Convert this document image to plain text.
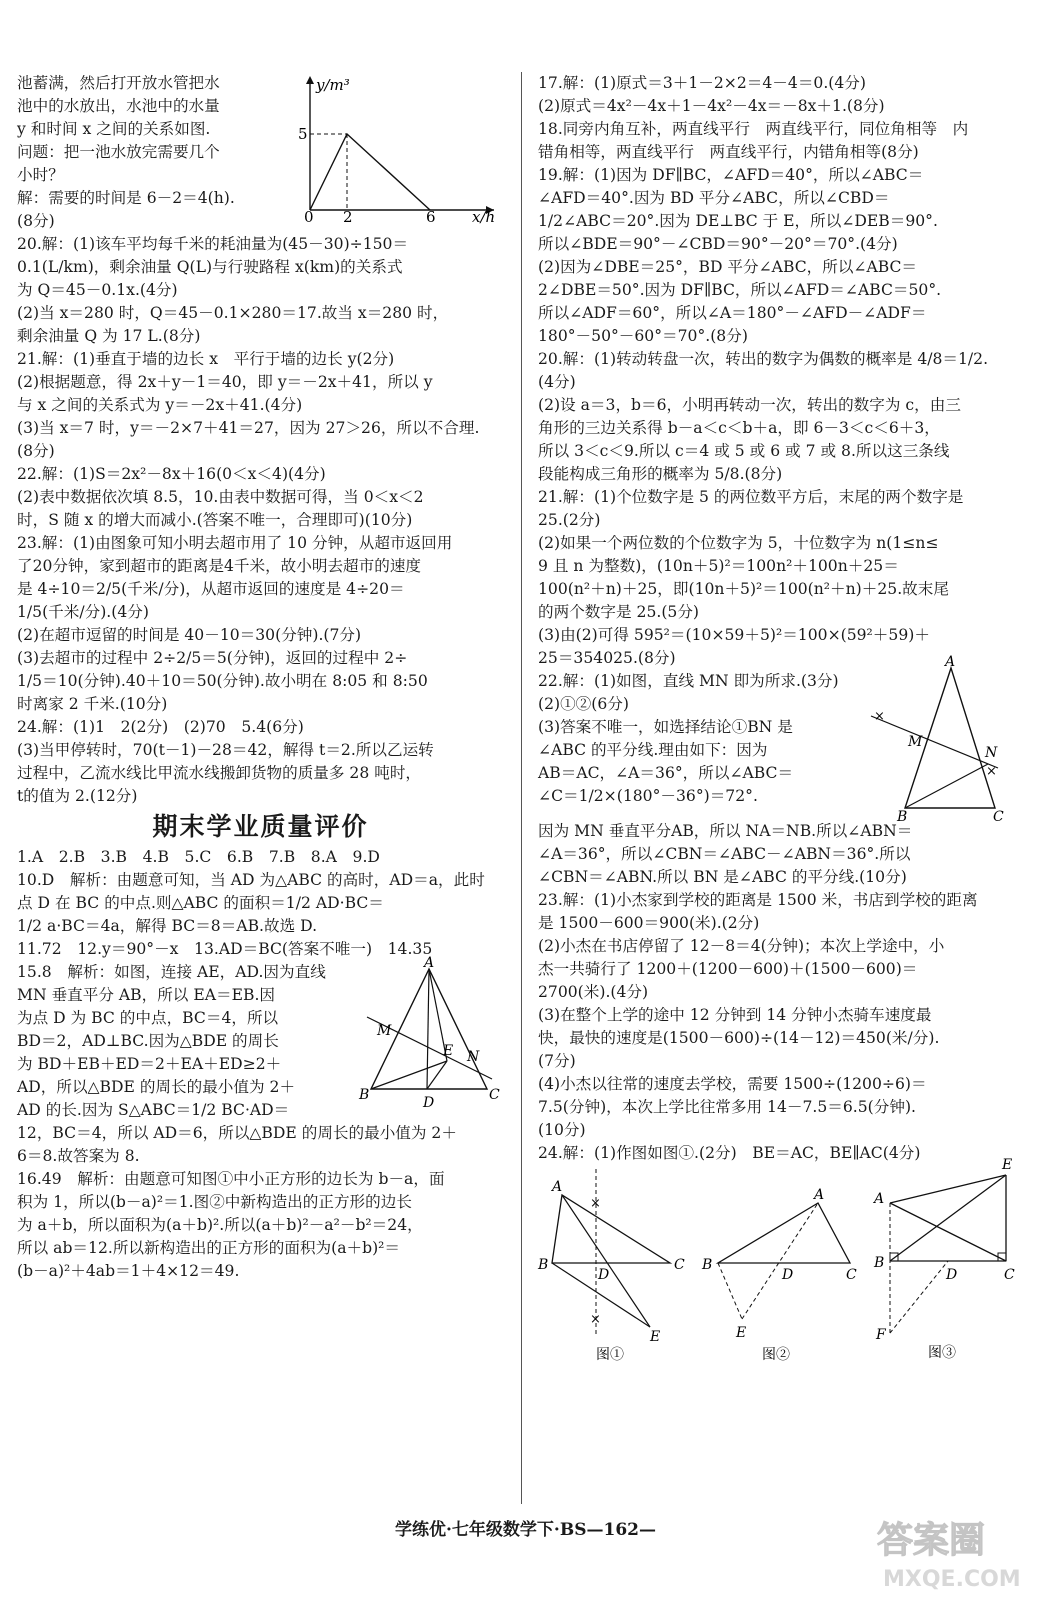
池蓄满，然后打开放水管把水
池中的水放出，水池中的水量
y 和时间 x 之间的关系如图.
问题：把一池水放完需要几个
小时？
解：需要的时间是 6－2＝4(h).
(8分)
y/m³
x/h
5
0 2	6
20.解：(1)该车平均每千米的耗油量为(45－30)÷150＝
0.1(L/km)，剩余油量 Q(L)与行驶路程 x(km)的关系式
为 Q＝45－0.1x.(4分)
(2)当 x＝280 时，Q＝45－0.1×280＝17.故当 x＝280 时，
剩余油量 Q 为 17 L.(8分)
21.解：(1)垂直于墙的边长 x　平行于墙的边长 y(2分)
(2)根据题意，得 2x＋y－1＝40，即 y＝－2x＋41，所以 y
与 x 之间的关系式为 y＝－2x＋41.(4分)
(3)当 x＝7 时，y＝－2×7＋41＝27，因为 27＞26，所以不合理.
(8分)
22.解：(1)S＝2x²－8x＋16(0＜x＜4)(4分)
(2)表中数据依次填 8.5，10.由表中数据可得，当 0＜x＜2
时，S 随 x 的增大而减小.(答案不唯一，合理即可)(10分)
23.解：(1)由图象可知小明去超市用了 10 分钟，从超市返回用
了20分钟，家到超市的距离是4千米，故小明去超市的速度
是 4÷10＝2/5(千米/分)，从超市返回的速度是 4÷20＝
1/5(千米/分).(4分)
(2)在超市逗留的时间是 40－10＝30(分钟).(7分)
(3)去超市的过程中 2÷2/5＝5(分钟)，返回的过程中 2÷
1/5＝10(分钟).40＋10＝50(分钟).故小明在 8:05 和 8:50
时离家 2 千米.(10分)
24.解：(1)1　2(2分)　(2)70　5.4(6分)
(3)当甲停转时，70(t－1)－28＝42，解得 t＝2.所以乙运转
过程中，乙流水线比甲流水线搬卸货物的质量多 28 吨时，
t的值为 2.(12分)
期末学业质量评价
1.A　2.B　3.B　4.B　5.C　6.B　7.B　8.A　9.D
10.D　解析：由题意可知，当 AD 为△ABC 的高时，AD＝a，此时
点 D 在 BC 的中点.则△ABC 的面积＝1/2 AD·BC＝
1/2 a·BC＝4a，解得 BC＝8＝AB.故选 D.
11.72　12.y＝90°－x　13.AD＝BC(答案不唯一)　14.35
15.8　解析：如图，连接 AE，AD.因为直线
MN 垂直平分 AB，所以 EA＝EB.因
为点 D 为 BC 的中点，BC＝4，所以
BD＝2，AD⊥BC.因为△BDE 的周长
为 BD＋EB＋ED＝2＋EA＋ED≥2＋
AD，所以△BDE 的周长的最小值为 2＋
AD 的长.因为 S△ABC＝1/2 BC·AD＝
A
M
E N
B	D	C
12，BC＝4，所以 AD＝6，所以△BDE 的周长的最小值为 2＋
6＝8.故答案为 8.
16.49　解析：由题意可知图①中小正方形的边长为 b－a，面
积为 1，所以(b－a)²＝1.图②中新构造出的正方形的边长
为 a＋b，所以面积为(a＋b)².所以(a＋b)²－a²－b²＝24，
所以 ab＝12.所以新构造出的正方形的面积为(a＋b)²＝
(b－a)²＋4ab＝1＋4×12＝49.
17.解：(1)原式＝3＋1－2×2＝4－4＝0.(4分)
(2)原式＝4x²－4x＋1－4x²－4x＝－8x＋1.(8分)
18.同旁内角互补，两直线平行　两直线平行，同位角相等　内
错角相等，两直线平行　两直线平行，内错角相等(8分)
19.解：(1)因为 DF∥BC，∠AFD＝40°，所以∠ABC＝
∠AFD＝40°.因为 BD 平分∠ABC，所以∠CBD＝
1/2∠ABC＝20°.因为 DE⊥BC 于 E，所以∠DEB＝90°.
所以∠BDE＝90°－∠CBD＝90°－20°＝70°.(4分)
(2)因为∠DBE＝25°，BD 平分∠ABC，所以∠ABC＝
2∠DBE＝50°.因为 DF∥BC，所以∠AFD＝∠ABC＝50°.
所以∠ADF＝60°，所以∠A＝180°－∠AFD－∠ADF＝
180°－50°－60°＝70°.(8分)
20.解：(1)转动转盘一次，转出的数字为偶数的概率是 4/8＝1/2.
(4分)
(2)设 a＝3，b＝6，小明再转动一次，转出的数字为 c，由三
角形的三边关系得 b－a＜c＜b＋a，即 6－3＜c＜6＋3，
所以 3＜c＜9.所以 c＝4 或 5 或 6 或 7 或 8.所以这三条线
段能构成三角形的概率为 5/8.(8分)
21.解：(1)个位数字是 5 的两位数平方后，末尾的两个数字是
25.(2分)
(2)如果一个两位数的个位数字为 5，十位数字为 n(1≤n≤
9 且 n 为整数)，(10n＋5)²＝100n²＋100n＋25＝
100(n²＋n)＋25，即(10n＋5)²＝100(n²＋n)＋25.故末尾
的两个数字是 25.(5分)
(3)由(2)可得 595²＝(10×59＋5)²＝100×(59²＋59)＋
25＝354025.(8分)
22.解：(1)如图，直线 MN 即为所求.(3分)
(2)①②(6分)
(3)答案不唯一，如选择结论①BN 是
∠ABC 的平分线.理由如下：因为
AB＝AC，∠A＝36°，所以∠ABC＝
∠C＝1/2×(180°－36°)＝72°.
×
×
A
M
N
B	C
因为 MN 垂直平分AB，所以 NA＝NB.所以∠ABN＝
∠A＝36°，所以∠CBN＝∠ABC－∠ABN＝36°.所以
∠CBN＝∠ABN.所以 BN 是∠ABC 的平分线.(10分)
23.解：(1)小杰家到学校的距离是 1500 米，书店到学校的距离
是 1500－600＝900(米).(2分)
(2)小杰在书店停留了 12－8＝4(分钟)；本次上学途中，小
杰一共骑行了 1200＋(1200－600)＋(1500－600)＝
2700(米).(4分)
(3)在整个上学的途中 12 分钟到 14 分钟小杰骑车速度最
快，最快的速度是(1500－600)÷(14－12)＝450(米/分).
(7分)
(4)小杰以往常的速度去学校，需要 1500÷(1200÷6)＝
7.5(分钟)，本次上学比往常多用 14－7.5＝6.5(分钟).
(10分)
24.解：(1)作图如图①.(2分)　BE＝AC，BE∥AC(4分)
×
×
A
B
D
C
E
图①
A
B
D	C
E
图②
E
A
B
D	C
F
图③
学练优·七年级数学下·BS—162—	答案圈
MXQE.COM
